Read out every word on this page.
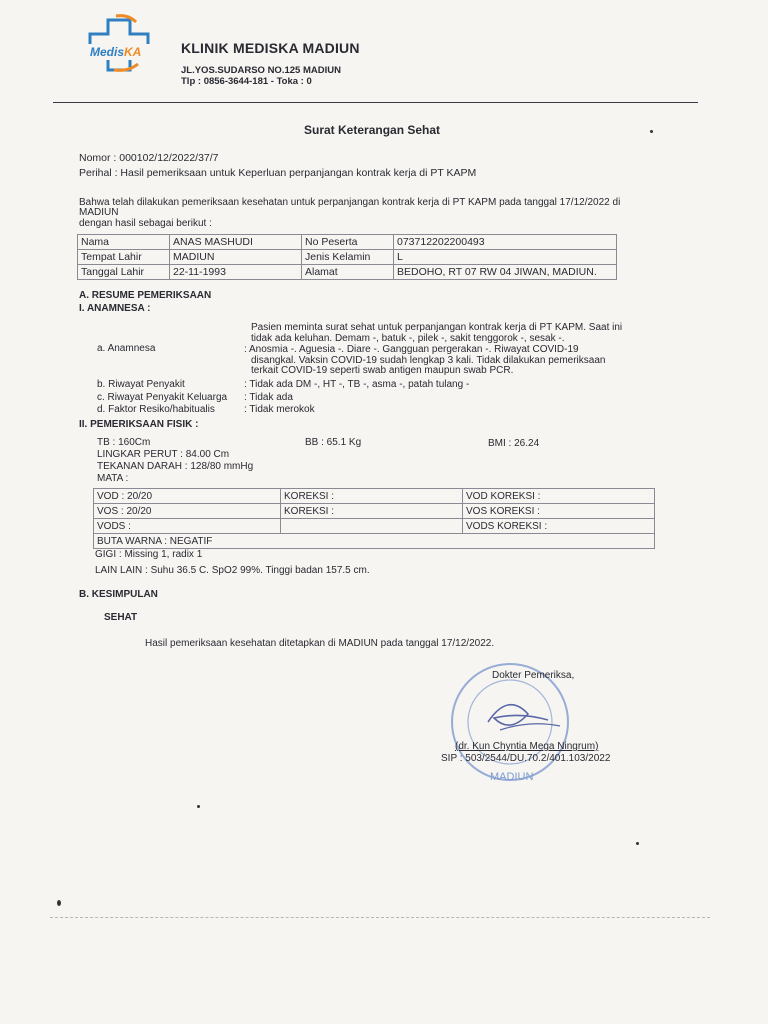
MedisKA	KLINIK MEDISKA MADIUN
JL.YOS.SUDARSO NO.125 MADIUN
Tlp : 0856-3644-181 - Toka : 0
Surat Keterangan Sehat
Nomor : 000102/12/2022/37/7
Perihal : Hasil pemeriksaan untuk Keperluan perpanjangan kontrak kerja di PT KAPM
Bahwa telah dilakukan pemeriksaan kesehatan untuk perpanjangan kontrak kerja di PT KAPM pada tanggal 17/12/2022 di
MADIUN
dengan hasil sebagai berikut :
Nama	ANAS MASHUDI	No Peserta	073712202200493
Tempat Lahir	MADIUN	Jenis Kelamin	L
Tanggal Lahir	22-11-1993	Alamat	BEDOHO, RT 07 RW 04 JIWAN, MADIUN.
A. RESUME PEMERIKSAAN
I. ANAMNESA :
a. Anamnesa
Pasien meminta surat sehat untuk perpanjangan kontrak kerja di PT KAPM. Saat ini
tidak ada keluhan. Demam -, batuk -, pilek -, sakit tenggorok -, sesak -.
: Anosmia -. Aguesia -. Diare -. Gangguan pergerakan -. Riwayat COVID-19
disangkal. Vaksin COVID-19 sudah lengkap 3 kali. Tidak dilakukan pemeriksaan
terkait COVID-19 seperti swab antigen maupun swab PCR.
b. Riwayat Penyakit	: Tidak ada DM -, HT -, TB -, asma -, patah tulang -
c. Riwayat Penyakit Keluarga : Tidak ada
d. Faktor Resiko/habitualis	: Tidak merokok
II. PEMERIKSAAN FISIK :
TB : 160Cm	BB : 65.1 Kg	BMI : 26.24
LINGKAR PERUT : 84.00 Cm
TEKANAN DARAH : 128/80 mmHg
MATA :
VOD : 20/20	KOREKSI :	VOD KOREKSI :
VOS : 20/20	KOREKSI :	VOS KOREKSI :
VODS :		VODS KOREKSI :
BUTA WARNA : NEGATIF		
GIGI : Missing 1, radix 1
LAIN LAIN : Suhu 36.5 C. SpO2 99%. Tinggi badan 157.5 cm.
B. KESIMPULAN
SEHAT
Hasil pemeriksaan kesehatan ditetapkan di MADIUN pada tanggal 17/12/2022.
MADIUN
Dokter Pemeriksa,
(dr. Kun Chyntia Mega Ningrum)
SIP : 503/2544/DU.70.2/401.103/2022
